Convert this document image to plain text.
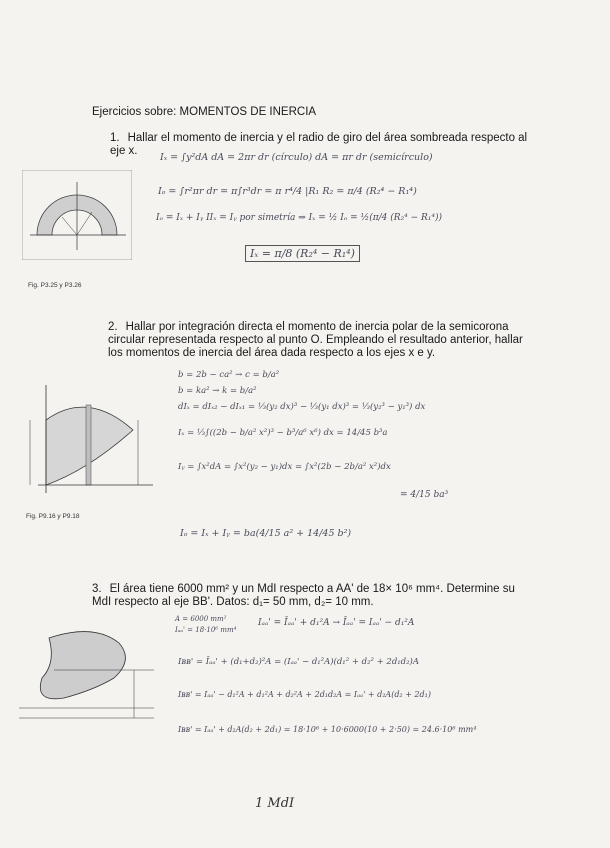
Ejercicios sobre: MOMENTOS DE INERCIA
1. Hallar el momento de inercia y el radio de giro del área sombreada respecto al eje x.
Fig. P3.25 y P3.26
Iₓ = ∫y²dA dA = 2πr dr (círculo) dA = πr dr (semicírculo)
Iₒ = ∫r²πr dr = π∫r³dr = π r⁴/4 |R₁ R₂ = π/4 (R₂⁴ − R₁⁴)
Iₒ = Iₓ + Iᵧ IIₓ = Iᵧ por simetría ⇒ Iₓ = ½ Iₒ = ½(π/4 (R₂⁴ − R₁⁴))
Iₓ = π/8 (R₂⁴ − R₁⁴)
2. Hallar por integración directa el momento de inercia polar de la semicorona circular representada respecto al punto O. Empleando el resultado anterior, hallar los momentos de inercia del área dada respecto a los ejes x e y.
Fig. P9.16 y P9.18
b = 2b − ca² → c = b/a²
b = ka² → k = b/a²
dIₓ = dIₓ₂ − dIₓ₁ = ⅓(y₂ dx)³ − ⅓(y₁ dx)³ = ⅓(y₂³ − y₁³) dx
Iₓ = ⅓∫((2b − b/a² x²)³ − b³/a⁶ x⁶) dx = 14/45 b³a
Iᵧ = ∫x²dA = ∫x²(y₂ − y₁)dx = ∫x²(2b − 2b/a² x²)dx
= 4/15 ba³
Iₒ = Iₓ + Iᵧ = ba(4/15 a² + 14/45 b²)
3. El área tiene 6000 mm² y un MdI respecto a AA' de 18× 10⁶ mm⁴. Determine su MdI respecto al eje BB'. Datos: d₁= 50 mm, d₂= 10 mm.
A = 6000 mm²
Iₐₐ' = 18·10⁶ mm⁴
Iₐₐ' = Īₐₐ' + d₁²A → Īₐₐ' = Iₐₐ' − d₁²A
Iʙʙ' = Īₐₐ' + (d₁+d₂)²A = (Iₐₐ' − d₁²A)(d₁² + d₂² + 2d₁d₂)A
Iʙʙ' = Iₐₐ' − d₁²A + d₁²A + d₂²A + 2d₁d₂A = Iₐₐ' + d₂A(d₂ + 2d₁)
Iʙʙ' = Iₐₐ' + d₂A(d₂ + 2d₁) = 18·10⁶ + 10·6000(10 + 2·50) = 24.6·10⁶ mm⁴
1 MdI
